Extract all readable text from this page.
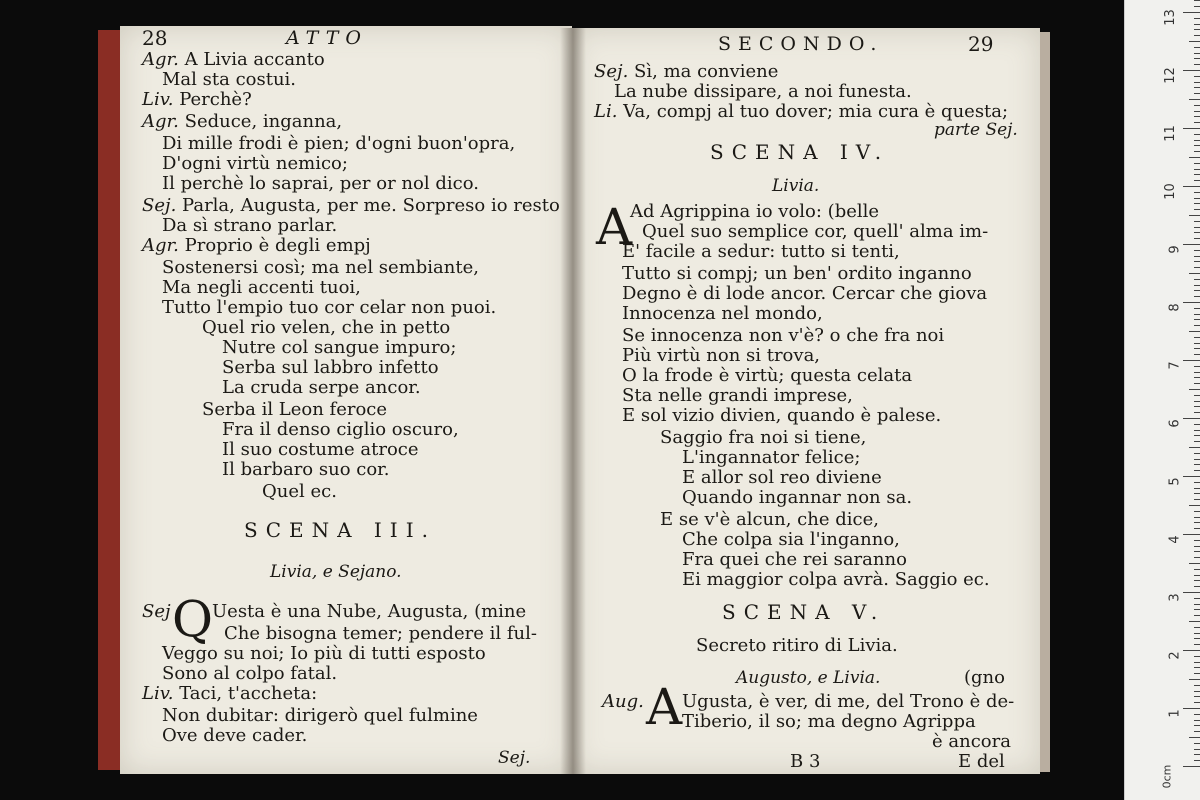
28	ATTO
Agr. A Livia accanto
Mal sta costui.
Liv. Perchè?
Agr. Seduce, inganna,
Di mille frodi è pien; d'ogni buon'opra,
D'ogni virtù nemico;
Il perchè lo saprai, per or nol dico.
Sej. Parla, Augusta, per me. Sorpreso io resto
Da sì strano parlar.
Agr. Proprio è degli empj
Sostenersi così; ma nel sembiante,
Ma negli accenti tuoi,
Tutto l'empio tuo cor celar non puoi.
Quel rio velen, che in petto
Nutre col sangue impuro;
Serba sul labbro infetto
La cruda serpe ancor.
Serba il Leon feroce
Fra il denso ciglio oscuro,
Il suo costume atroce
Il barbaro suo cor.
Quel ec.
SCENA III.
Livia, e Sejano.
Sej Q Uesta è una Nube, Augusta, (mine
Che bisogna temer; pendere il ful-
Veggo su noi; Io più di tutti esposto
Sono al colpo fatal.
Liv. Taci, t'accheta:
Non dubitar: dirigerò quel fulmine
Ove deve cader.
Sej.
SECONDO.	29
Sej. Sì, ma conviene
La nube dissipare, a noi funesta.
Li. Va, compj al tuo dover; mia cura è questa;
parte Sej.
SCENA IV.
Livia.
A
Ad Agrippina io volo: (belle
Quel suo semplice cor, quell' alma im-
E' facile a sedur: tutto si tenti,
Tutto si compj; un ben' ordito inganno
Degno è di lode ancor. Cercar che giova
Innocenza nel mondo,
Se innocenza non v'è? o che fra noi
Più virtù non si trova,
O la frode è virtù; questa celata
Sta nelle grandi imprese,
E sol vizio divien, quando è palese.
Saggio fra noi si tiene,
L'ingannator felice;
E allor sol reo diviene
Quando ingannar non sa.
E se v'è alcun, che dice,
Che colpa sia l'inganno,
Fra quei che rei saranno
Ei maggior colpa avrà. Saggio ec.
SCENA V.
Secreto ritiro di Livia.
Augusto, e Livia.	(gno
Aug. A Ugusta, è ver, di me, del Trono è de-
Tiberio, il so; ma degno Agrippa
è ancora
B 3	E del
0cm
1
2
3
4
5
6
7
8
9
10
11
12
13
